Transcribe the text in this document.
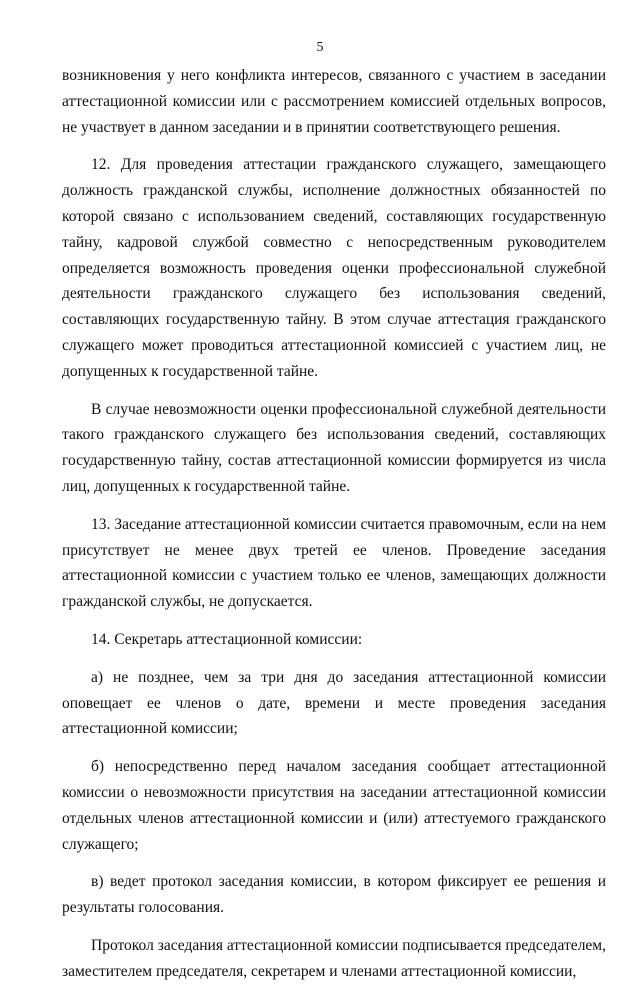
5

возникновения у него конфликта интересов, связанного с участием в заседании аттестационной комиссии или с рассмотрением комиссией отдельных вопросов, не участвует в данном заседании и в принятии соответствующего решения.

12. Для проведения аттестации гражданского служащего, замещающего должность гражданской службы, исполнение должностных обязанностей по которой связано с использованием сведений, составляющих государственную тайну, кадровой службой совместно с непосредственным руководителем определяется возможность проведения оценки профессиональной служебной деятельности гражданского служащего без использования сведений, составляющих государственную тайну. В этом случае аттестация гражданского служащего может проводиться аттестационной комиссией с участием лиц, не допущенных к государственной тайне.

В случае невозможности оценки профессиональной служебной деятельности такого гражданского служащего без использования сведений, составляющих государственную тайну, состав аттестационной комиссии формируется из числа лиц, допущенных к государственной тайне.

13. Заседание аттестационной комиссии считается правомочным, если на нем присутствует не менее двух третей ее членов. Проведение заседания аттестационной комиссии с участием только ее членов, замещающих должности гражданской службы, не допускается.

14. Секретарь аттестационной комиссии:

а) не позднее, чем за три дня до заседания аттестационной комиссии оповещает ее членов о дате, времени и месте проведения заседания аттестационной комиссии;

б) непосредственно перед началом заседания сообщает аттестационной комиссии о невозможности присутствия на заседании аттестационной комиссии отдельных членов аттестационной комиссии и (или) аттестуемого гражданского служащего;

в) ведет протокол заседания комиссии, в котором фиксирует ее решения и результаты голосования.

Протокол заседания аттестационной комиссии подписывается председателем, заместителем председателя, секретарем и членами аттестационной комиссии,
